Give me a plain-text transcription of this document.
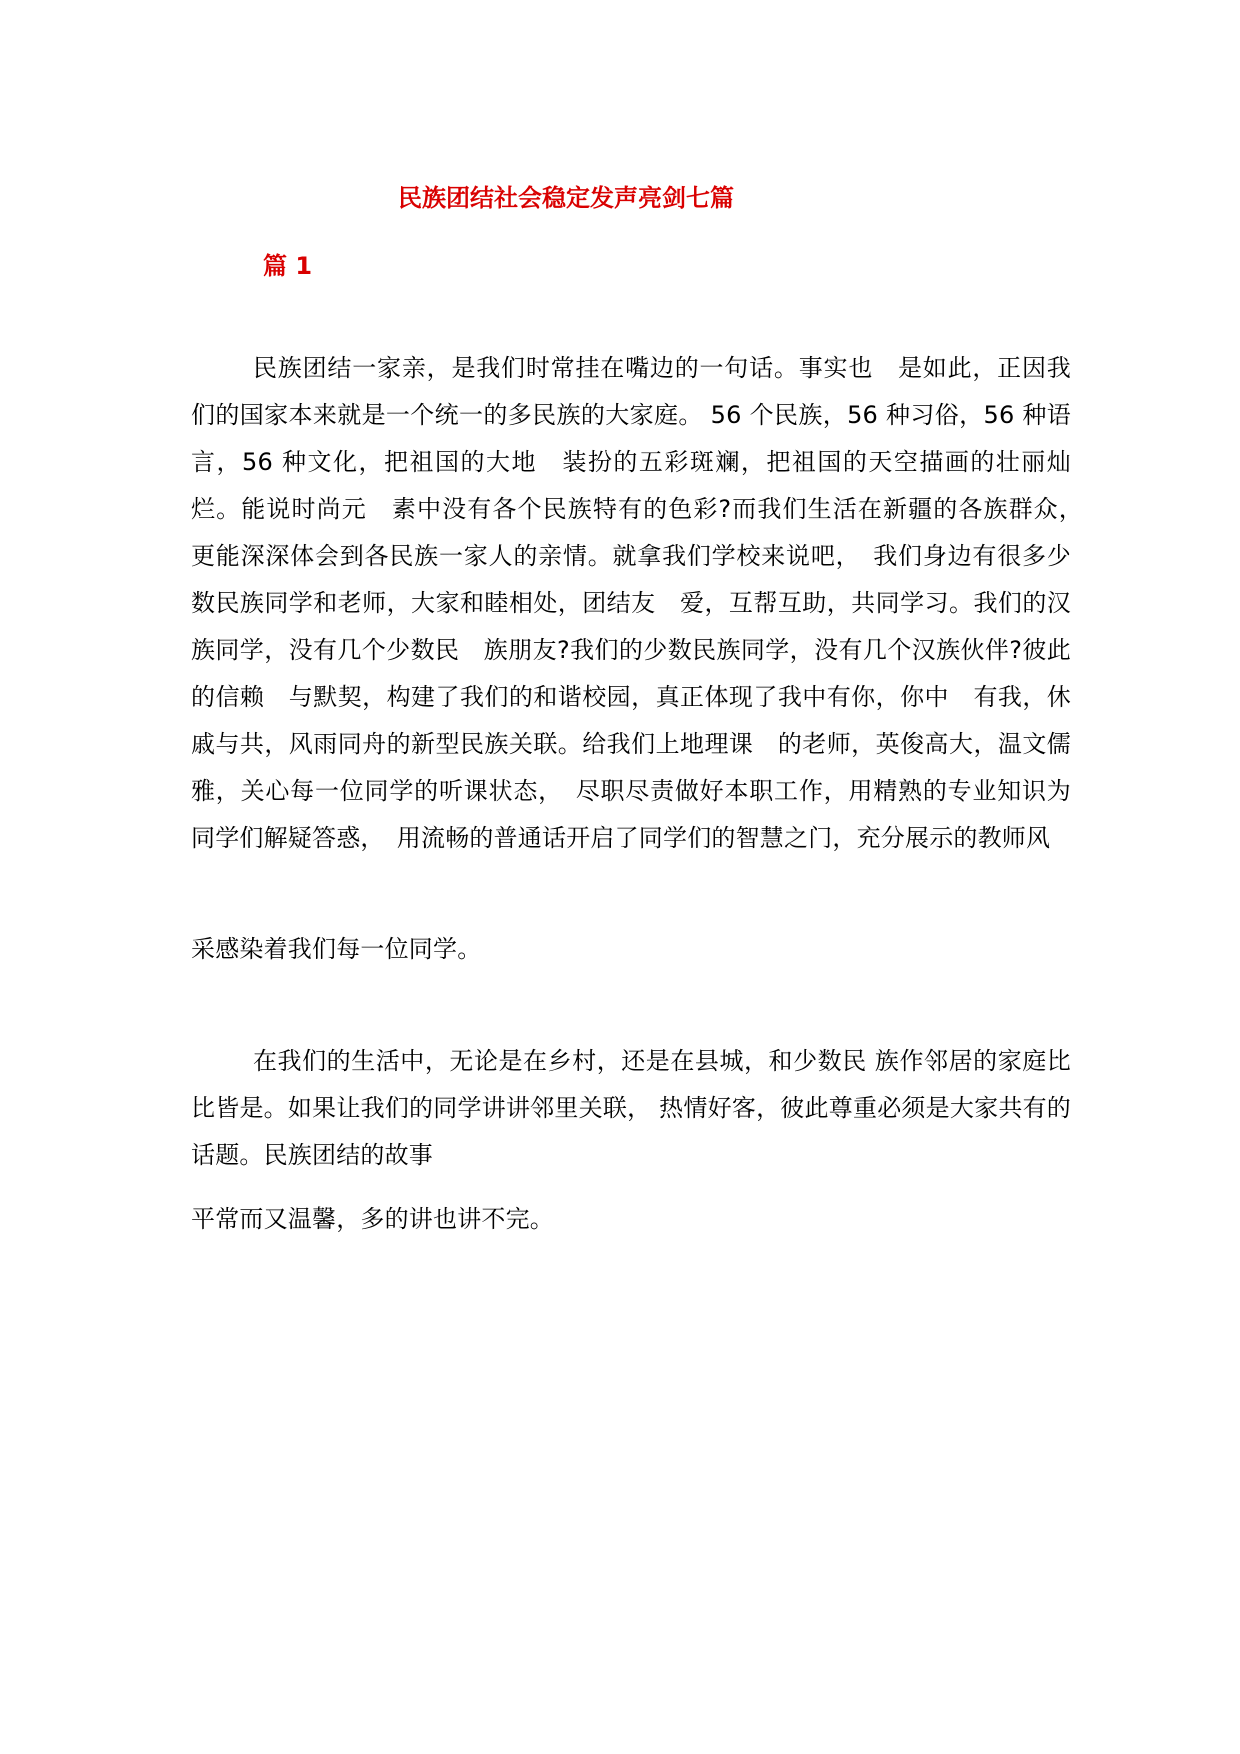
民族团结社会稳定发声亮剑七篇
篇 1

民族团结一家亲，是我们时常挂在嘴边的一句话。事实也　是如此，正因我们的国家本来就是一个统一的多民族的大家庭。 56 个民族，56 种习俗，56 种语言，56 种文化，把祖国的大地　装扮的五彩斑斓，把祖国的天空描画的壮丽灿烂。能说时尚元　素中没有各个民族特有的色彩?而我们生活在新疆的各族群众，　更能深深体会到各民族一家人的亲情。就拿我们学校来说吧，　我们身边有很多少数民族同学和老师，大家和睦相处，团结友　爱，互帮互助，共同学习。我们的汉族同学，没有几个少数民　族朋友?我们的少数民族同学，没有几个汉族伙伴?彼此的信赖　与默契，构建了我们的和谐校园，真正体现了我中有你，你中　有我，休戚与共，风雨同舟的新型民族关联。给我们上地理课　的老师，英俊高大，温文儒雅，关心每一位同学的听课状态，　尽职尽责做好本职工作，用精熟的专业知识为同学们解疑答惑，　用流畅的普通话开启了同学们的智慧之门，充分展示的教师风

采感染着我们每一位同学。

在我们的生活中，无论是在乡村，还是在县城，和少数民 族作邻居的家庭比比皆是。如果让我们的同学讲讲邻里关联， 热情好客，彼此尊重必须是大家共有的话题。民族团结的故事

平常而又温馨，多的讲也讲不完。
